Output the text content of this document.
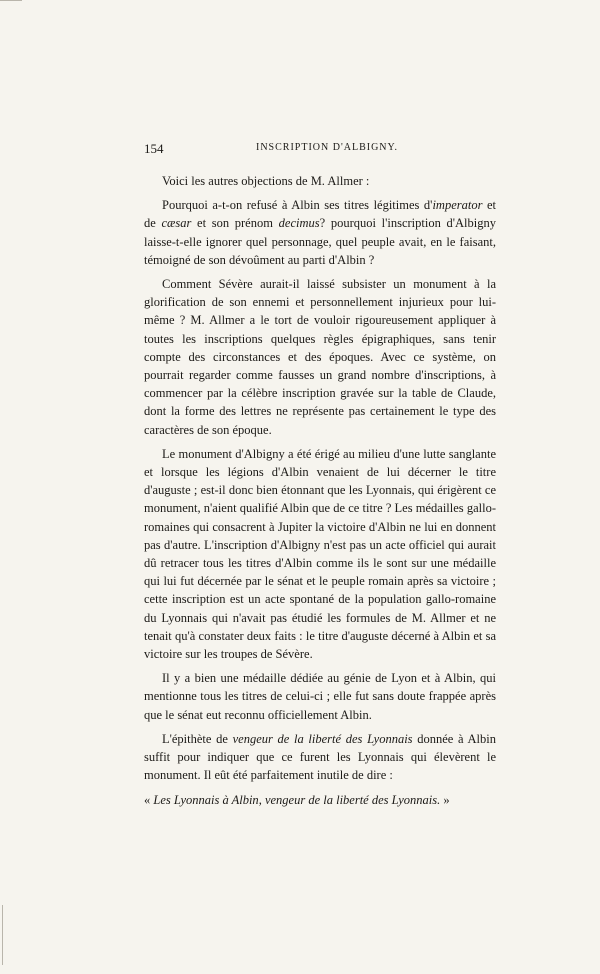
154	INSCRIPTION D'ALBIGNY.

Voici les autres objections de M. Allmer :

Pourquoi a-t-on refusé à Albin ses titres légitimes d'imperator et de cæsar et son prénom decimus? pourquoi l'inscription d'Albigny laisse-t-elle ignorer quel personnage, quel peuple avait, en le faisant, témoigné de son dévoûment au parti d'Albin ?

Comment Sévère aurait-il laissé subsister un monument à la glorification de son ennemi et personnellement injurieux pour lui-même ? M. Allmer a le tort de vouloir rigoureusement appliquer à toutes les inscriptions quelques règles épigraphiques, sans tenir compte des circonstances et des époques. Avec ce système, on pourrait regarder comme fausses un grand nombre d'inscriptions, à commencer par la célèbre inscription gravée sur la table de Claude, dont la forme des lettres ne représente pas certainement le type des caractères de son époque.

Le monument d'Albigny a été érigé au milieu d'une lutte sanglante et lorsque les légions d'Albin venaient de lui décerner le titre d'auguste ; est-il donc bien étonnant que les Lyonnais, qui érigèrent ce monument, n'aient qualifié Albin que de ce titre ? Les médailles gallo-romaines qui consacrent à Jupiter la victoire d'Albin ne lui en donnent pas d'autre. L'inscription d'Albigny n'est pas un acte officiel qui aurait dû retracer tous les titres d'Albin comme ils le sont sur une médaille qui lui fut décernée par le sénat et le peuple romain après sa victoire ; cette inscription est un acte spontané de la population gallo-romaine du Lyonnais qui n'avait pas étudié les formules de M. Allmer et ne tenait qu'à constater deux faits : le titre d'auguste décerné à Albin et sa victoire sur les troupes de Sévère.

Il y a bien une médaille dédiée au génie de Lyon et à Albin, qui mentionne tous les titres de celui-ci ; elle fut sans doute frappée après que le sénat eut reconnu officiellement Albin.

L'épithète de vengeur de la liberté des Lyonnais donnée à Albin suffit pour indiquer que ce furent les Lyonnais qui élevèrent le monument. Il eût été parfaitement inutile de dire :

« Les Lyonnais à Albin, vengeur de la liberté des Lyonnais. »
